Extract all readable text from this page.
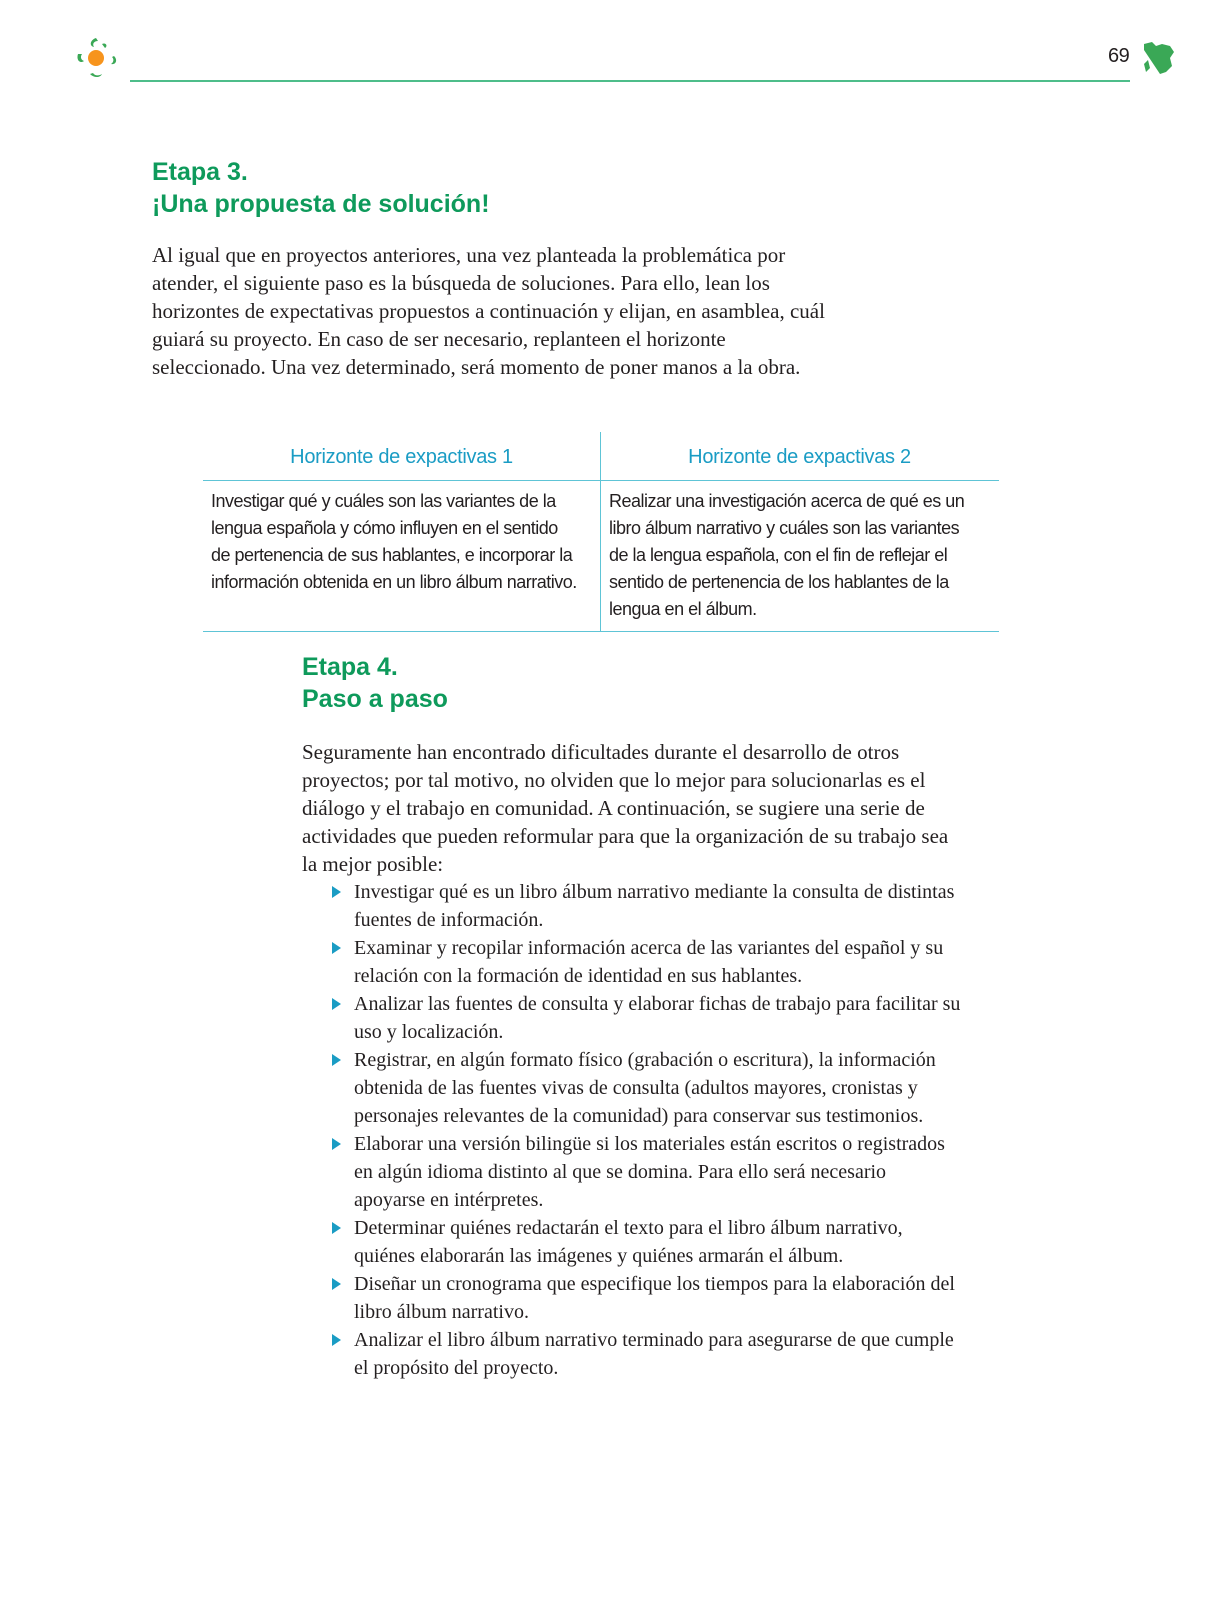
69
Etapa 3.
¡Una propuesta de solución!

Al igual que en proyectos anteriores, una vez planteada la problemática por atender, el siguiente paso es la búsqueda de soluciones. Para ello, lean los horizontes de expectativas propuestos a continuación y elijan, en asamblea, cuál guiará su proyecto. En caso de ser necesario, replanteen el horizonte seleccionado. Una vez determinado, será momento de poner manos a la obra.

Horizonte de expactivas 1	Horizonte de expactivas 2
Investigar qué y cuáles son las variantes de la lengua española y cómo influyen en el sentido de pertenencia de sus hablantes, e incorporar la información obtenida en un libro álbum narrativo.
Realizar una investigación acerca de qué es un libro álbum narrativo y cuáles son las variantes de la lengua española, con el fin de reflejar el sentido de pertenencia de los hablantes de la lengua en el álbum.
Etapa 4.
Paso a paso

Seguramente han encontrado dificultades durante el desarrollo de otros proyectos; por tal motivo, no olviden que lo mejor para solucionarlas es el diálogo y el trabajo en comunidad. A continuación, se sugiere una serie de actividades que pueden reformular para que la organización de su trabajo sea la mejor posible:

Investigar qué es un libro álbum narrativo mediante la consulta de distintas fuentes de información.
Examinar y recopilar información acerca de las variantes del español y su relación con la formación de identidad en sus hablantes.
Analizar las fuentes de consulta y elaborar fichas de trabajo para facilitar su uso y localización.
Registrar, en algún formato físico (grabación o escritura), la información obtenida de las fuentes vivas de consulta (adultos mayores, cronistas y personajes relevantes de la comunidad) para conservar sus testimonios.
Elaborar una versión bilingüe si los materiales están escritos o registrados en algún idioma distinto al que se domina. Para ello será necesario apoyarse en intérpretes.
Determinar quiénes redactarán el texto para el libro álbum narrativo, quiénes elaborarán las imágenes y quiénes armarán el álbum.
Diseñar un cronograma que especifique los tiempos para la elaboración del libro álbum narrativo.
Analizar el libro álbum narrativo terminado para asegurarse de que cumple el propósito del proyecto.
